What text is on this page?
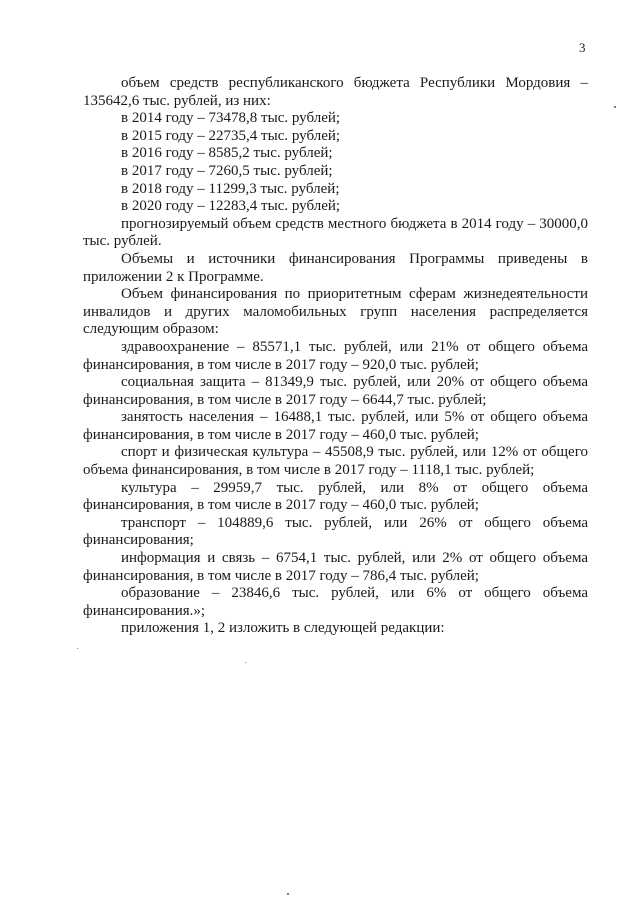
3

объем средств республиканского бюджета Республики Мордовия – 135642,6 тыс. рублей, из них:

в 2014 году – 73478,8 тыс. рублей;

в 2015 году – 22735,4 тыс. рублей;

в 2016 году – 8585,2 тыс. рублей;

в 2017 году – 7260,5 тыс. рублей;

в 2018 году – 11299,3 тыс. рублей;

в 2020 году – 12283,4 тыс. рублей;

прогнозируемый объем средств местного бюджета в 2014 году – 30000,0 тыс. рублей.

Объемы и источники финансирования Программы приведены в приложении 2 к Программе.

Объем финансирования по приоритетным сферам жизнедеятельности инвалидов и других маломобильных групп населения распределяется следующим образом:

здравоохранение – 85571,1 тыс. рублей, или 21% от общего объема финансирования, в том числе в 2017 году – 920,0 тыс. рублей;

социальная защита – 81349,9 тыс. рублей, или 20% от общего объема финансирования, в том числе в 2017 году – 6644,7 тыс. рублей;

занятость населения – 16488,1 тыс. рублей, или 5% от общего объема финансирования, в том числе в 2017 году – 460,0 тыс. рублей;

спорт и физическая культура – 45508,9 тыс. рублей, или 12% от общего объема финансирования, в том числе в 2017 году – 1118,1 тыс. рублей;

культура – 29959,7 тыс. рублей, или 8% от общего объема финансирования, в том числе в 2017 году – 460,0 тыс. рублей;

транспорт – 104889,6 тыс. рублей, или 26% от общего объема финансирования;

информация и связь – 6754,1 тыс. рублей, или 2% от общего объема финансирования, в том числе в 2017 году – 786,4 тыс. рублей;

образование – 23846,6 тыс. рублей, или 6% от общего объема финансирования.»;

приложения 1, 2 изложить в следующей редакции:
